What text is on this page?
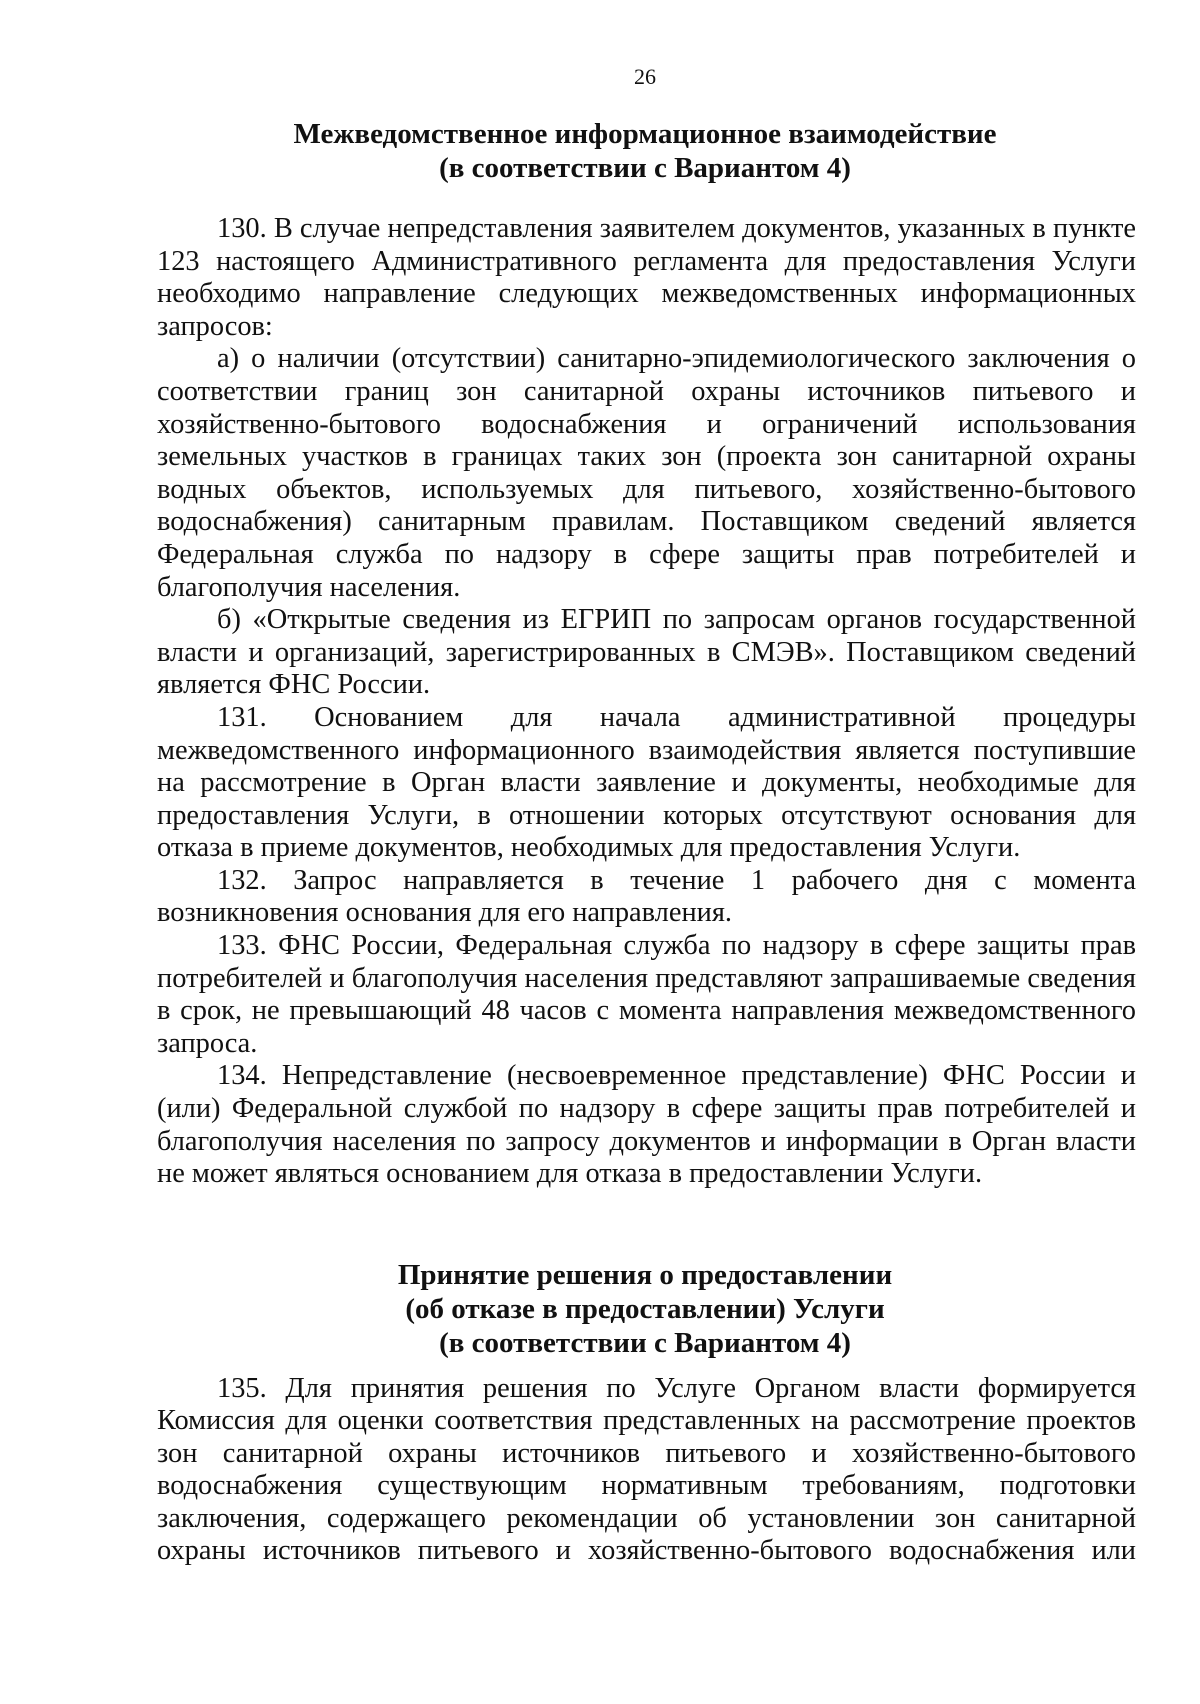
26
Межведомственное информационное взаимодействие
(в соответствии с Вариантом 4)

130. В случае непредставления заявителем документов, указанных в пункте 123 настоящего Административного регламента для предоставления Услуги необходимо направление следующих межведомственных информационных запросов:

а) о наличии (отсутствии) санитарно-эпидемиологического заключения о соответствии границ зон санитарной охраны источников питьевого и хозяйственно-бытового водоснабжения и ограничений использования земельных участков в границах таких зон (проекта зон санитарной охраны водных объектов, используемых для питьевого, хозяйственно-бытового водоснабжения) санитарным правилам. Поставщиком сведений является Федеральная служба по надзору в сфере защиты прав потребителей и благополучия населения.

б) «Открытые сведения из ЕГРИП по запросам органов государственной власти и организаций, зарегистрированных в СМЭВ». Поставщиком сведений является ФНС России.

131. Основанием для начала административной процедуры межведомственного информационного взаимодействия является поступившие на рассмотрение в Орган власти заявление и документы, необходимые для предоставления Услуги, в отношении которых отсутствуют основания для отказа в приеме документов, необходимых для предоставления Услуги.

132. Запрос направляется в течение 1 рабочего дня с момента возникновения основания для его направления.

133. ФНС России, Федеральная служба по надзору в сфере защиты прав потребителей и благополучия населения представляют запрашиваемые сведения в срок, не превышающий 48 часов с момента направления межведомственного запроса.

134. Непредставление (несвоевременное представление) ФНС России и (или) Федеральной службой по надзору в сфере защиты прав потребителей и благополучия населения по запросу документов и информации в Орган власти не может являться основанием для отказа в предоставлении Услуги.

Принятие решения о предоставлении
(об отказе в предоставлении) Услуги
(в соответствии с Вариантом 4)

135. Для принятия решения по Услуге Органом власти формируется Комиссия для оценки соответствия представленных на рассмотрение проектов зон санитарной охраны источников питьевого и хозяйственно-бытового водоснабжения существующим нормативным требованиям, подготовки заключения, содержащего рекомендации об установлении зон санитарной охраны источников питьевого и хозяйственно-бытового водоснабжения или
